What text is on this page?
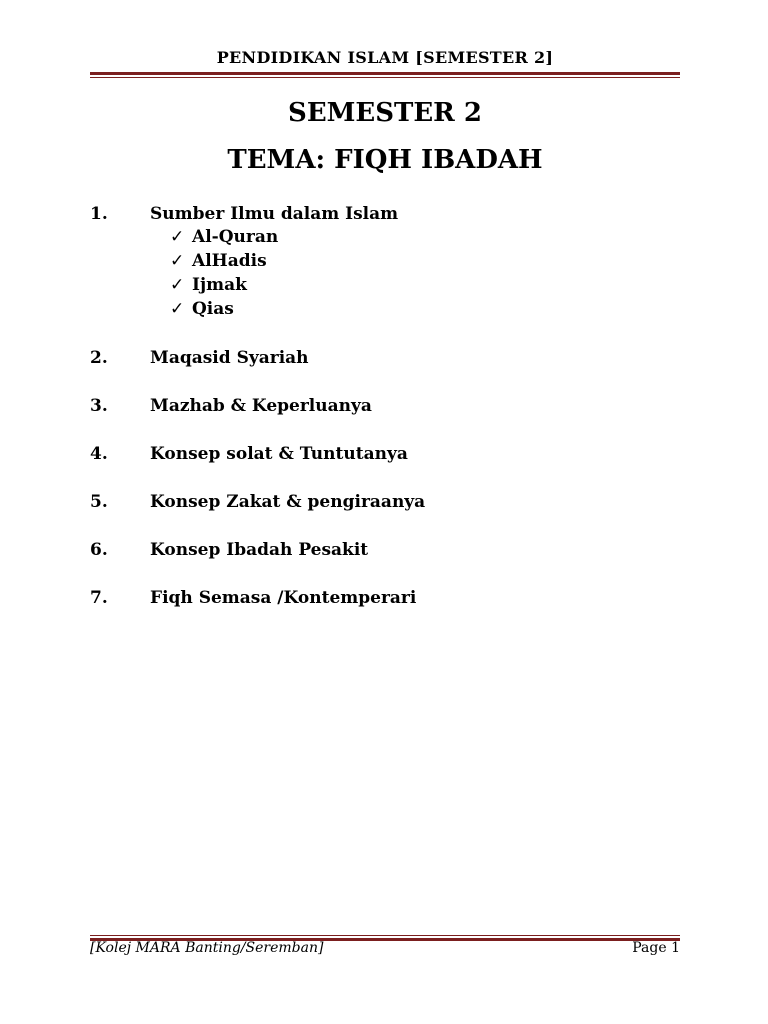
PENDIDIKAN ISLAM [SEMESTER 2]
SEMESTER 2
TEMA: FIQH IBADAH
1. Sumber Ilmu dalam Islam
✓ Al-Quran
✓ AlHadis
✓ Ijmak
✓ Qias
2. Maqasid Syariah
3. Mazhab & Keperluanya
4. Konsep solat & Tuntutanya
5. Konsep Zakat & pengiraanya
6. Konsep Ibadah Pesakit
7. Fiqh Semasa /Kontemperari
[Kolej MARA Banting/Seremban]	Page 1
